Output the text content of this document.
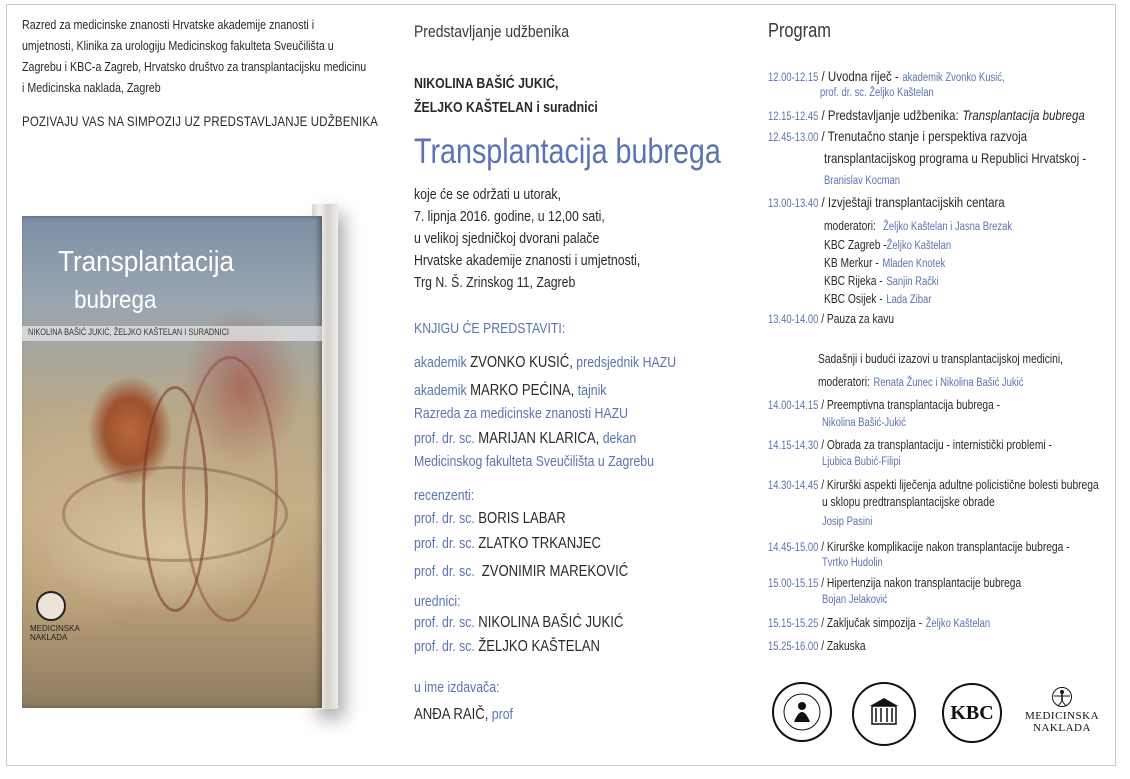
Razred za medicinske znanosti Hrvatske akademije znanosti i
umjetnosti, Klinika za urologiju Medicinskog fakulteta Sveučilišta u
Zagrebu i KBC-a Zagreb, Hrvatsko društvo za transplantacijsku medicinu
i Medicinska naklada, Zagreb
POZIVAJU VAS NA SIMPOZIJ UZ PREDSTAVLJANJE UDŽBENIKA
Transplantacija
bubrega
NIKOLINA BAŠIĆ JUKIĆ, ŽELJKO KAŠTELAN I SURADNICI
MEDICINSKA
NAKLADA
Predstavljanje udžbenika
NIKOLINA BAŠIĆ JUKIĆ,
ŽELJKO KAŠTELAN i suradnici
Transplantacija bubrega
koje će se održati u utorak,
7. lipnja 2016. godine, u 12,00 sati,
u velikoj sjedničkoj dvorani palače
Hrvatske akademije znanosti i umjetnosti,
Trg N. Š. Zrinskog 11, Zagreb
KNJIGU ĆE PREDSTAVITI:
akademik ZVONKO KUSIĆ, predsjednik HAZU
akademik MARKO PEĆINA, tajnik
Razreda za medicinske znanosti HAZU
prof. dr. sc. MARIJAN KLARICA, dekan
Medicinskog fakulteta Sveučilišta u Zagrebu
recenzenti:
prof. dr. sc. BORIS LABAR
prof. dr. sc. ZLATKO TRKANJEC
prof. dr. sc. ZVONIMIR MAREKOVIĆ
urednici:
prof. dr. sc. NIKOLINA BAŠIĆ JUKIĆ
prof. dr. sc. ŽELJKO KAŠTELAN
u ime izdavača:
ANĐA RAIČ, prof
Program
12.00-12.15 / Uvodna riječ - akademik Zvonko Kusić,
prof. dr. sc. Željko Kaštelan
12.15-12.45 / Predstavljanje udžbenika: Transplantacija bubrega
12.45-13.00 / Trenutačno stanje i perspektiva razvoja
transplantacijskog programa u Republici Hrvatskoj -
Branislav Kocman
13.00-13.40 / Izvještaji transplantacijskih centara
moderatori: Željko Kaštelan i Jasna Brezak
KBC Zagreb -Željko Kaštelan
KB Merkur - Mladen Knotek
KBC Rijeka - Sanjin Rački
KBC Osijek - Lada Zibar
13.40-14.00 / Pauza za kavu
Sadašnji i budući izazovi u transplantacijskoj medicini,
moderatori: Renata Žunec i Nikolina Bašić Jukić
14.00-14.15 / Preemptivna transplantacija bubrega -
Nikolina Bašić-Jukić
14.15-14.30 / Obrada za transplantaciju - internistički problemi -
Ljubica Bubić-Filipi
14.30-14.45 / Kirurški aspekti liječenja adultne policistične bolesti bubrega
u sklopu predtransplantacijske obrade
Josip Pasini
14.45-15.00 / Kirurške komplikacije nakon transplantacije bubrega -
Tvrtko Hudolin
15.00-15.15 / Hipertenzija nakon transplantacije bubrega
Bojan Jelaković
15.15-15.25 / Zaključak simpozija - Željko Kaštelan
15.25-16.00 / Zakuska
KBC	MEDICINSKA
NAKLADA
